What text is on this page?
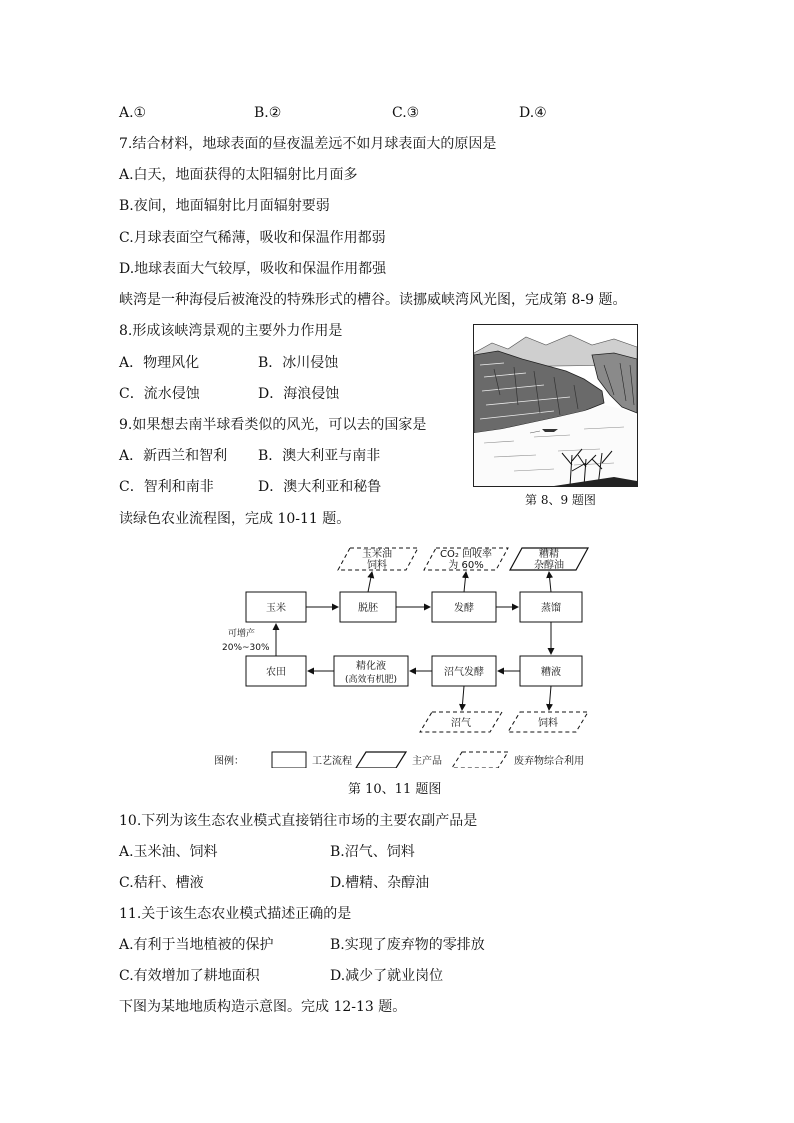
A.①	B.②	C.③	D.④
7.结合材料，地球表面的昼夜温差远不如月球表面大的原因是
A.白天，地面获得的太阳辐射比月面多
B.夜间，地面辐射比月面辐射要弱
C.月球表面空气稀薄，吸收和保温作用都弱
D.地球表面大气较厚，吸收和保温作用都强
峡湾是一种海侵后被淹没的特殊形式的槽谷。读挪威峡湾风光图，完成第 8-9 题。
8.形成该峡湾景观的主要外力作用是
A．物理风化	B．冰川侵蚀
C．流水侵蚀	D．海浪侵蚀
9.如果想去南半球看类似的风光，可以去的国家是
A．新西兰和智利 B．澳大利亚与南非
C．智利和南非	D．澳大利亚和秘鲁
第 8、9 题图
读绿色农业流程图，完成 10-11 题。
玉米油
饲料
CO₂ 回收率
为 60%
糟精
杂醇油
玉米	脱胚	发酵	蒸馏
农田
精化液
(高效有机肥)
沼气发酵	糟液
沼气	饲料
可增产
20%~30%
图例：	工艺流程	主产品	废弃物综合利用
第 10、11 题图
10.下列为该生态农业模式直接销往市场的主要农副产品是
A.玉米油、饲料	B.沼气、饲料
C.秸秆、槽液	D.槽精、杂醇油
11.关于该生态农业模式描述正确的是
A.有利于当地植被的保护	B.实现了废弃物的零排放
C.有效增加了耕地面积	D.减少了就业岗位
下图为某地地质构造示意图。完成 12-13 题。
